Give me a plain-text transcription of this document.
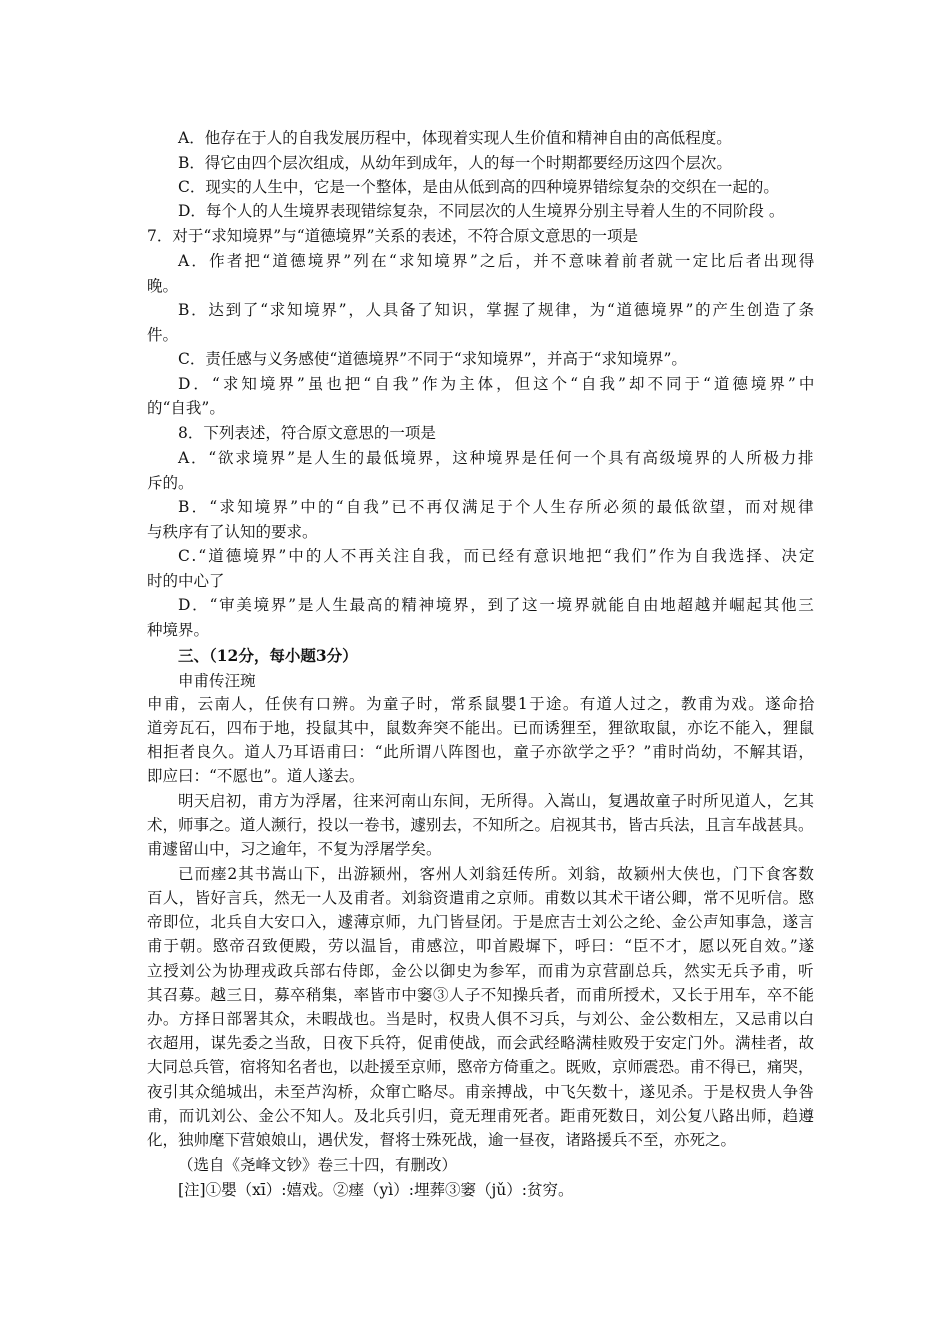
A．他存在于人的自我发展历程中，体现着实现人生价值和精神自由的高低程度。
B．得它由四个层次组成，从幼年到成年，人的每一个时期都要经历这四个层次。
C．现实的人生中，它是一个整体，是由从低到高的四种境界错综复杂的交织在一起的。
D．每个人的人生境界表现错综复杂，不同层次的人生境界分别主导着人生的不同阶段 。
7．对于“求知境界”与“道德境界”关系的表述，不符合原文意思的一项是
A．作者把“道德境界”列在“求知境界”之后，并不意味着前者就一定比后者出现得
晚。
B．达到了“求知境界”，人具备了知识，掌握了规律，为“道德境界”的产生创造了条
件。
C．责任感与义务感使“道德境界”不同于“求知境界”，并高于“求知境界”。
D．“求知境界”虽也把“自我”作为主体，但这个“自我”却不同于“道德境界”中
的“自我”。
8．下列表述，符合原文意思的一项是
A．“欲求境界”是人生的最低境界，这种境界是任何一个具有高级境界的人所极力排
斥的。
B．“求知境界”中的“自我”已不再仅满足于个人生存所必须的最低欲望，而对规律
与秩序有了认知的要求。
C.“道德境界”中的人不再关注自我，而已经有意识地把“我们”作为自我选择、决定
时的中心了
D．“审美境界”是人生最高的精神境界，到了这一境界就能自由地超越并崛起其他三
种境界。
三、（12分，每小题3分）
申甫传汪琬
申甫，云南人，任侠有口辨。为童子时，常系鼠嬰1于途。有道人过之，教甫为戏。遂命拾
道旁瓦石，四布于地，投鼠其中，鼠数奔突不能出。已而诱狸至，狸欲取鼠，亦讫不能入，狸鼠
相拒者良久。道人乃耳语甫曰：“此所谓八阵图也，童子亦欲学之乎？”甫时尚幼，不解其语，
即应曰：“不愿也”。道人遂去。
明天启初，甫方为浮屠，往来河南山东间，无所得。入嵩山，复遇故童子时所见道人，乞其
术，师事之。道人濒行，投以一卷书，遽别去，不知所之。启视其书，皆古兵法，且言车战甚具。
甫遽留山中，习之逾年，不复为浮屠学矣。
已而瘗2其书嵩山下，出游颍州，客州人刘翁廷传所。刘翁，故颍州大侠也，门下食客数
百人，皆好言兵，然无一人及甫者。刘翁资遣甫之京师。甫数以其术干诸公卿，常不见听信。愍
帝即位，北兵自大安口入，遽薄京师，九门皆昼闭。于是庶吉士刘公之纶、金公声知事急，遂言
甫于朝。愍帝召致便殿，劳以温旨，甫感泣，叩首殿墀下，呼曰：“臣不才，愿以死自效。”遂
立授刘公为协理戎政兵部右侍郎，金公以御史为参军，而甫为京营副总兵，然实无兵予甫，听
其召募。越三日，募卒稍集，率皆市中窭③人子不知操兵者，而甫所授术，又长于用车，卒不能
办。方择日部署其众，未暇战也。当是时，权贵人俱不习兵，与刘公、金公数相左，又忌甫以白
衣超用，谋先委之当敌，日夜下兵符，促甫使战，而会武经略满桂败殁于安定门外。满桂者，故
大同总兵管，宿将知名者也，以赴援至京师，愍帝方倚重之。既败，京师震恐。甫不得已，痛哭，
夜引其众缒城出，未至芦沟桥，众窜亡略尽。甫亲搏战，中飞矢数十，遂见杀。于是权贵人争咎
甫，而讥刘公、金公不知人。及北兵引归，竟无理甫死者。距甫死数日，刘公复八路出师，趋遵
化，独帅麾下营娘娘山，遇伏发，督将士殊死战，逾一昼夜，诸路援兵不至，亦死之。
（选自《尧峰文钞》卷三十四，有删改）
[注]①嬰（xī）:嬉戏。②瘗（yì）:埋葬③窭（jǔ）:贫穷。
